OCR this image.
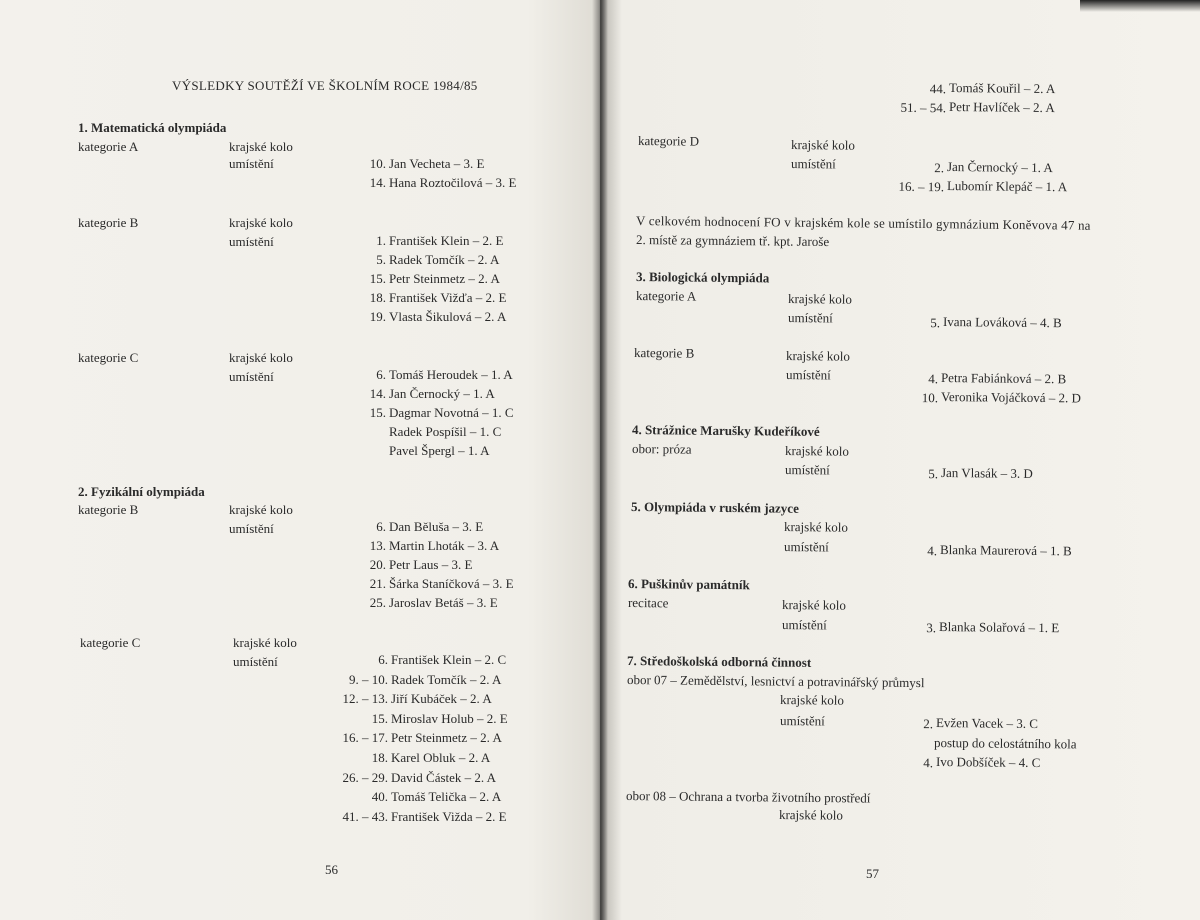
VÝSLEDKY SOUTĚŽÍ VE ŠKOLNÍM ROCE 1984/85
1. Matematická olympiáda
kategorie A	krajské kolo
umístění	10. Jan Vecheta – 3. E
14. Hana Roztočilová – 3. E
kategorie B	krajské kolo
umístění	1. František Klein – 2. E
5. Radek Tomčík – 2. A
15. Petr Steinmetz – 2. A
18. František Vižďa – 2. E
19. Vlasta Šikulová – 2. A
kategorie C	krajské kolo
umístění	6. Tomáš Heroudek – 1. A
14. Jan Černocký – 1. A
15. Dagmar Novotná – 1. C
Radek Pospíšil – 1. C
Pavel Špergl – 1. A
2. Fyzikální olympiáda
kategorie B	krajské kolo
umístění	6. Dan Běluša – 3. E
13. Martin Lhoták – 3. A
20. Petr Laus – 3. E
21. Šárka Staníčková – 3. E
25. Jaroslav Betáš – 3. E
kategorie C	krajské kolo
umístění	6. František Klein – 2. C
9. – 10. Radek Tomčík – 2. A
12. – 13. Jiří Kubáček – 2. A
15. Miroslav Holub – 2. E
16. – 17. Petr Steinmetz – 2. A
18. Karel Obluk – 2. A
26. – 29. David Částek – 2. A
40. Tomáš Telička – 2. A
41. – 43. František Vižda – 2. E
56
44. Tomáš Kouřil – 2. A
51. – 54. Petr Havlíček – 2. A
kategorie D	krajské kolo
umístění	2. Jan Černocký – 1. A
16. – 19. Lubomír Klepáč – 1. A
V celkovém hodnocení FO v krajském kole se umístilo gymnázium Koněvova 47 na
2. místě za gymnáziem tř. kpt. Jaroše
3. Biologická olympiáda
kategorie A	krajské kolo
umístění	5. Ivana Lováková – 4. B
kategorie B	krajské kolo
umístění	4. Petra Fabiánková – 2. B
10. Veronika Vojáčková – 2. D
4. Strážnice Marušky Kudeříkové
obor: próza	krajské kolo
umístění	5. Jan Vlasák – 3. D
5. Olympiáda v ruském jazyce
krajské kolo
umístění	4. Blanka Maurerová – 1. B
6. Puškinův památník
recitace	krajské kolo
umístění	3. Blanka Solařová – 1. E
7. Středoškolská odborná činnost
obor 07 – Zemědělství, lesnictví a potravinářský průmysl
krajské kolo
umístění	2. Evžen Vacek – 3. C
postup do celostátního kola
4. Ivo Dobšíček – 4. C
obor 08 – Ochrana a tvorba životního prostředí
krajské kolo
57
